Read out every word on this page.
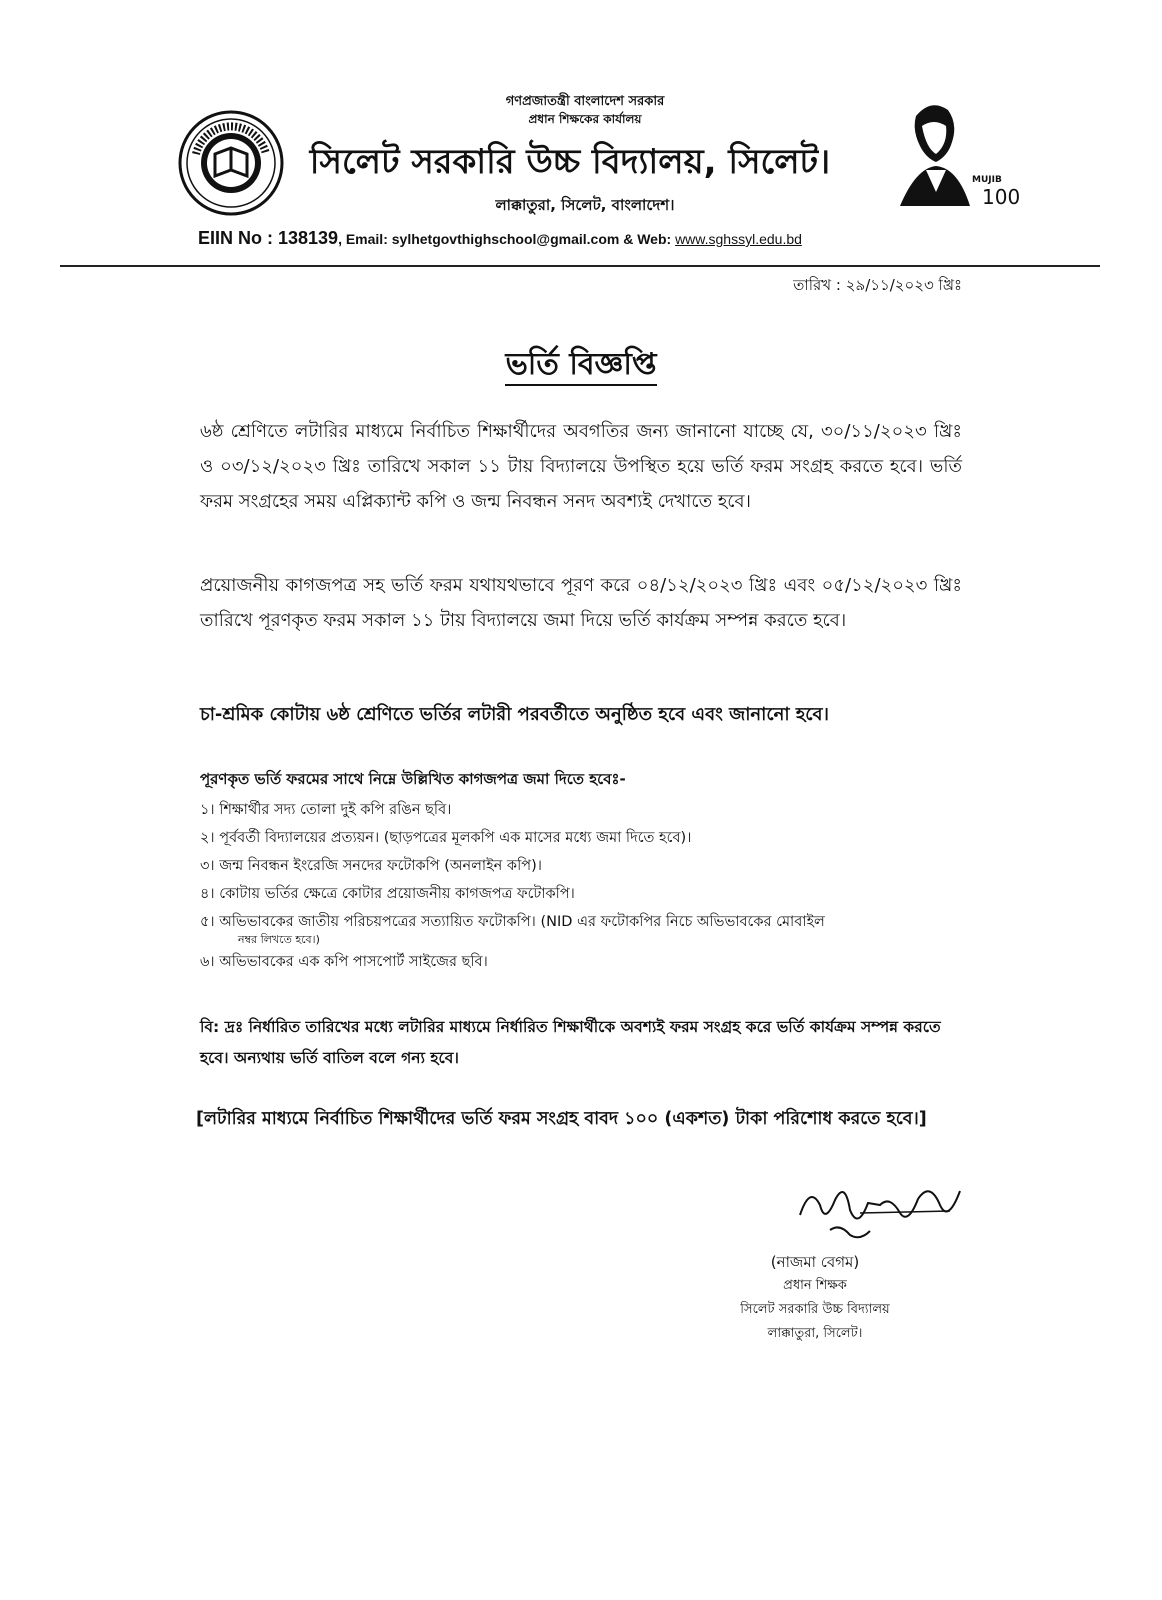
MUJIB
100
গণপ্রজাতন্ত্রী বাংলাদেশ সরকার
প্রধান শিক্ষকের কার্যালয়
সিলেট সরকারি উচ্চ বিদ্যালয়, সিলেট।
লাক্কাতুরা, সিলেট, বাংলাদেশ।
EIIN No : 138139, Email: sylhetgovthighschool@gmail.com & Web: www.sghssyl.edu.bd
তারিখ : ২৯/১১/২০২৩ খ্রিঃ
ভর্তি বিজ্ঞপ্তি
৬ষ্ঠ শ্রেণিতে লটারির মাধ্যমে নির্বাচিত শিক্ষার্থীদের অবগতির জন্য জানানো যাচ্ছে যে, ৩০/১১/২০২৩ খ্রিঃ ও ০৩/১২/২০২৩ খ্রিঃ তারিখে সকাল ১১ টায় বিদ্যালয়ে উপস্থিত হয়ে ভর্তি ফরম সংগ্রহ করতে হবে। ভর্তি ফরম সংগ্রহের সময় এপ্লিক্যান্ট কপি ও জন্ম নিবন্ধন সনদ অবশ্যই দেখাতে হবে।
প্রয়োজনীয় কাগজপত্র সহ ভর্তি ফরম যথাযথভাবে পূরণ করে ০৪/১২/২০২৩ খ্রিঃ এবং ০৫/১২/২০২৩ খ্রিঃ তারিখে পূরণকৃত ফরম সকাল ১১ টায় বিদ্যালয়ে জমা দিয়ে ভর্তি কার্যক্রম সম্পন্ন করতে হবে।
চা-শ্রমিক কোটায় ৬ষ্ঠ শ্রেণিতে ভর্তির লটারী পরবর্তীতে অনুষ্ঠিত হবে এবং জানানো হবে।
পূরণকৃত ভর্তি ফরমের সাথে নিম্নে উল্লিখিত কাগজপত্র জমা দিতে হবেঃ-
১। শিক্ষার্থীর সদ্য তোলা দুই কপি রঙিন ছবি।
২। পূর্ববর্তী বিদ্যালয়ের প্রত্যয়ন। (ছাড়পত্রের মূলকপি এক মাসের মধ্যে জমা দিতে হবে)।
৩। জন্ম নিবন্ধন ইংরেজি সনদের ফটোকপি (অনলাইন কপি)।
৪। কোটায় ভর্তির ক্ষেত্রে কোটার প্রয়োজনীয় কাগজপত্র ফটোকপি।
৫। অভিভাবকের জাতীয় পরিচয়পত্রের সত্যায়িত ফটোকপি। (NID এর ফটোকপির নিচে অভিভাবকের মোবাইল
নম্বর লিখতে হবে।)
৬। অভিভাবকের এক কপি পাসপোর্ট সাইজের ছবি।
বি: দ্রঃ নির্ধারিত তারিখের মধ্যে লটারির মাধ্যমে নির্ধারিত শিক্ষার্থীকে অবশ্যই ফরম সংগ্রহ করে ভর্তি কার্যক্রম সম্পন্ন করতে হবে। অন্যথায় ভর্তি বাতিল বলে গন্য হবে।
[লটারির মাধ্যমে নির্বাচিত শিক্ষার্থীদের ভর্তি ফরম সংগ্রহ বাবদ ১০০ (একশত) টাকা পরিশোধ করতে হবে।]
(নাজমা বেগম)
প্রধান শিক্ষক
সিলেট সরকারি উচ্চ বিদ্যালয়
লাক্কাতুরা, সিলেট।
